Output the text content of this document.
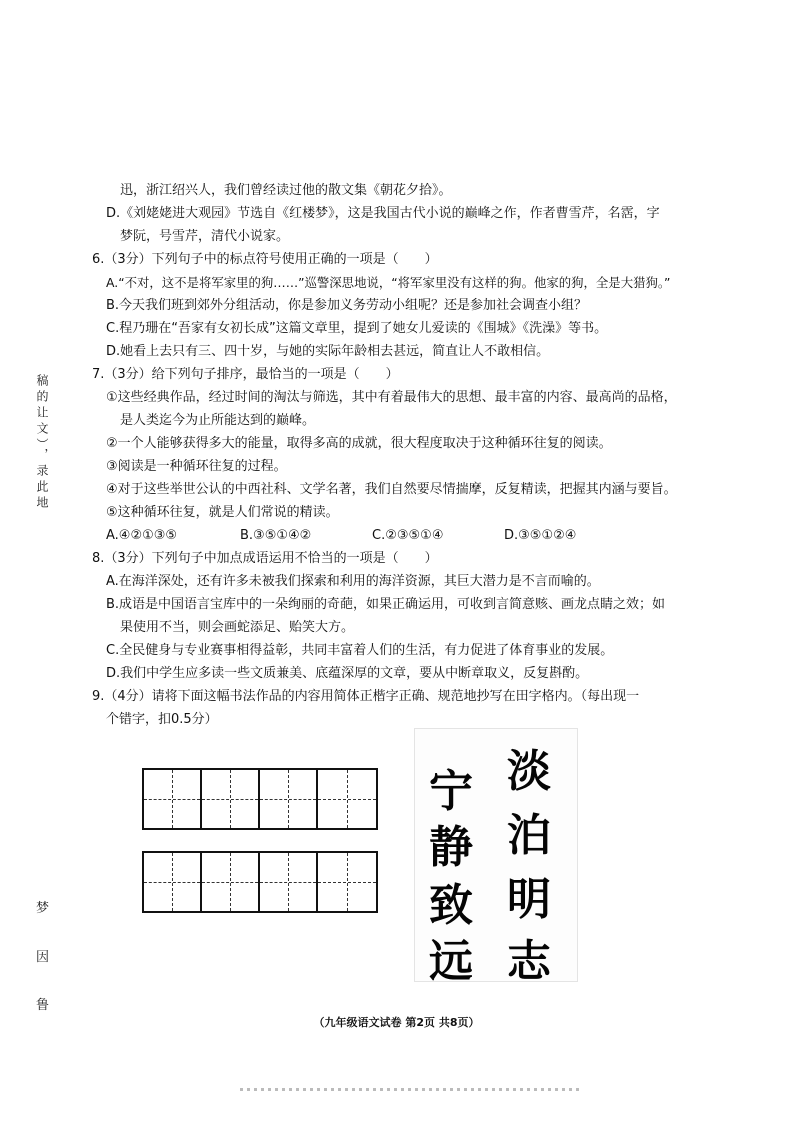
迅，浙江绍兴人，我们曾经读过他的散文集《朝花夕拾》。
D.《刘姥姥进大观园》节选自《红楼梦》，这是我国古代小说的巅峰之作，作者曹雪芹，名霑，字
梦阮，号雪芹，清代小说家。
6.（3分）下列句子中的标点符号使用正确的一项是（　　）
A.“不对，这不是将军家里的狗……”巡警深思地说，“将军家里没有这样的狗。他家的狗，全是大猎狗。”
B.今天我们班到郊外分组活动，你是参加义务劳动小组呢？还是参加社会调查小组？
C.程乃珊在“吾家有女初长成”这篇文章里，提到了她女儿爱读的《围城》《洗澡》等书。
D.她看上去只有三、四十岁，与她的实际年龄相去甚远，简直让人不敢相信。
7.（3分）给下列句子排序，最恰当的一项是（　　）
①这些经典作品，经过时间的淘汰与筛选，其中有着最伟大的思想、最丰富的内容、最高尚的品格，
是人类迄今为止所能达到的巅峰。
②一个人能够获得多大的能量，取得多高的成就，很大程度取决于这种循环往复的阅读。
③阅读是一种循环往复的过程。
④对于这些举世公认的中西社科、文学名著，我们自然要尽情揣摩，反复精读，把握其内涵与要旨。
⑤这种循环往复，就是人们常说的精读。
A.④②①③⑤	B.③⑤①④②	C.②③⑤①④	D.③⑤①②④
8.（3分）下列句子中加点成语运用不恰当的一项是（　　）
A.在海洋深处，还有许多未被我们探索和利用的海洋资源，其巨大潜力是不言而喻的。
B.成语是中国语言宝库中的一朵绚丽的奇葩，如果正确运用，可收到言简意赅、画龙点睛之效；如
果使用不当，则会画蛇添足、贻笑大方。
C.全民健身与专业赛事相得益彰，共同丰富着人们的生活，有力促进了体育事业的发展。
D.我们中学生应多读一些文质兼美、底蕴深厚的文章，要从中断章取义，反复斟酌。
9.（4分）请将下面这幅书法作品的内容用简体正楷字正确、规范地抄写在田字格内。（每出现一
个错字，扣0.5分）
稿的让文），录此地
梦
因
鲁
淡
泊
明
志
宁
静
致
远
（九年级语文试卷 第2页 共8页）
